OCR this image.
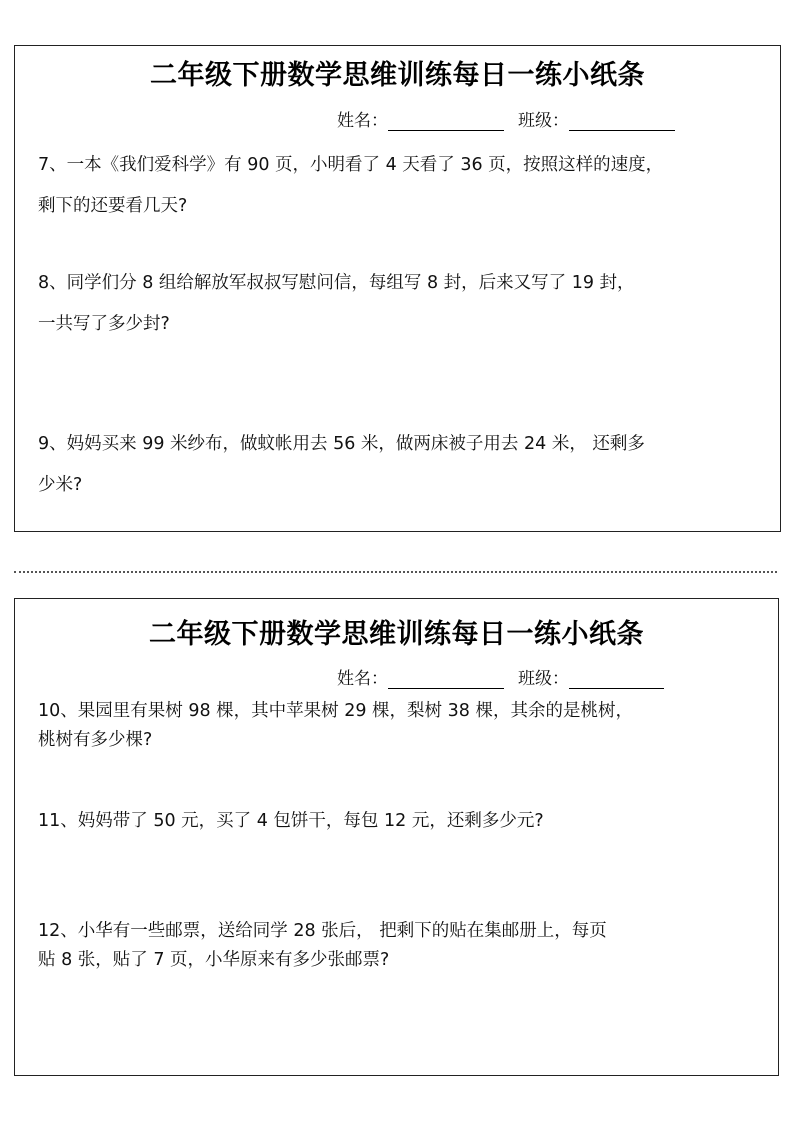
二年级下册数学思维训练每日一练小纸条
姓名：	班级：
7、一本《我们爱科学》有 90 页，小明看了 4 天看了 36 页，按照这样的速度，
剩下的还要看几天?
8、同学们分 8 组给解放军叔叔写慰问信，每组写 8 封，后来又写了 19 封，
一共写了多少封?
9、妈妈买来 99 米纱布，做蚊帐用去 56 米，做两床被子用去 24 米， 还剩多
少米?
二年级下册数学思维训练每日一练小纸条
姓名：	班级：
10、果园里有果树 98 棵，其中苹果树 29 棵，梨树 38 棵，其余的是桃树，
桃树有多少棵?
11、妈妈带了 50 元，买了 4 包饼干，每包 12 元，还剩多少元?
12、小华有一些邮票，送给同学 28 张后， 把剩下的贴在集邮册上，每页
贴 8 张，贴了 7 页，小华原来有多少张邮票?
